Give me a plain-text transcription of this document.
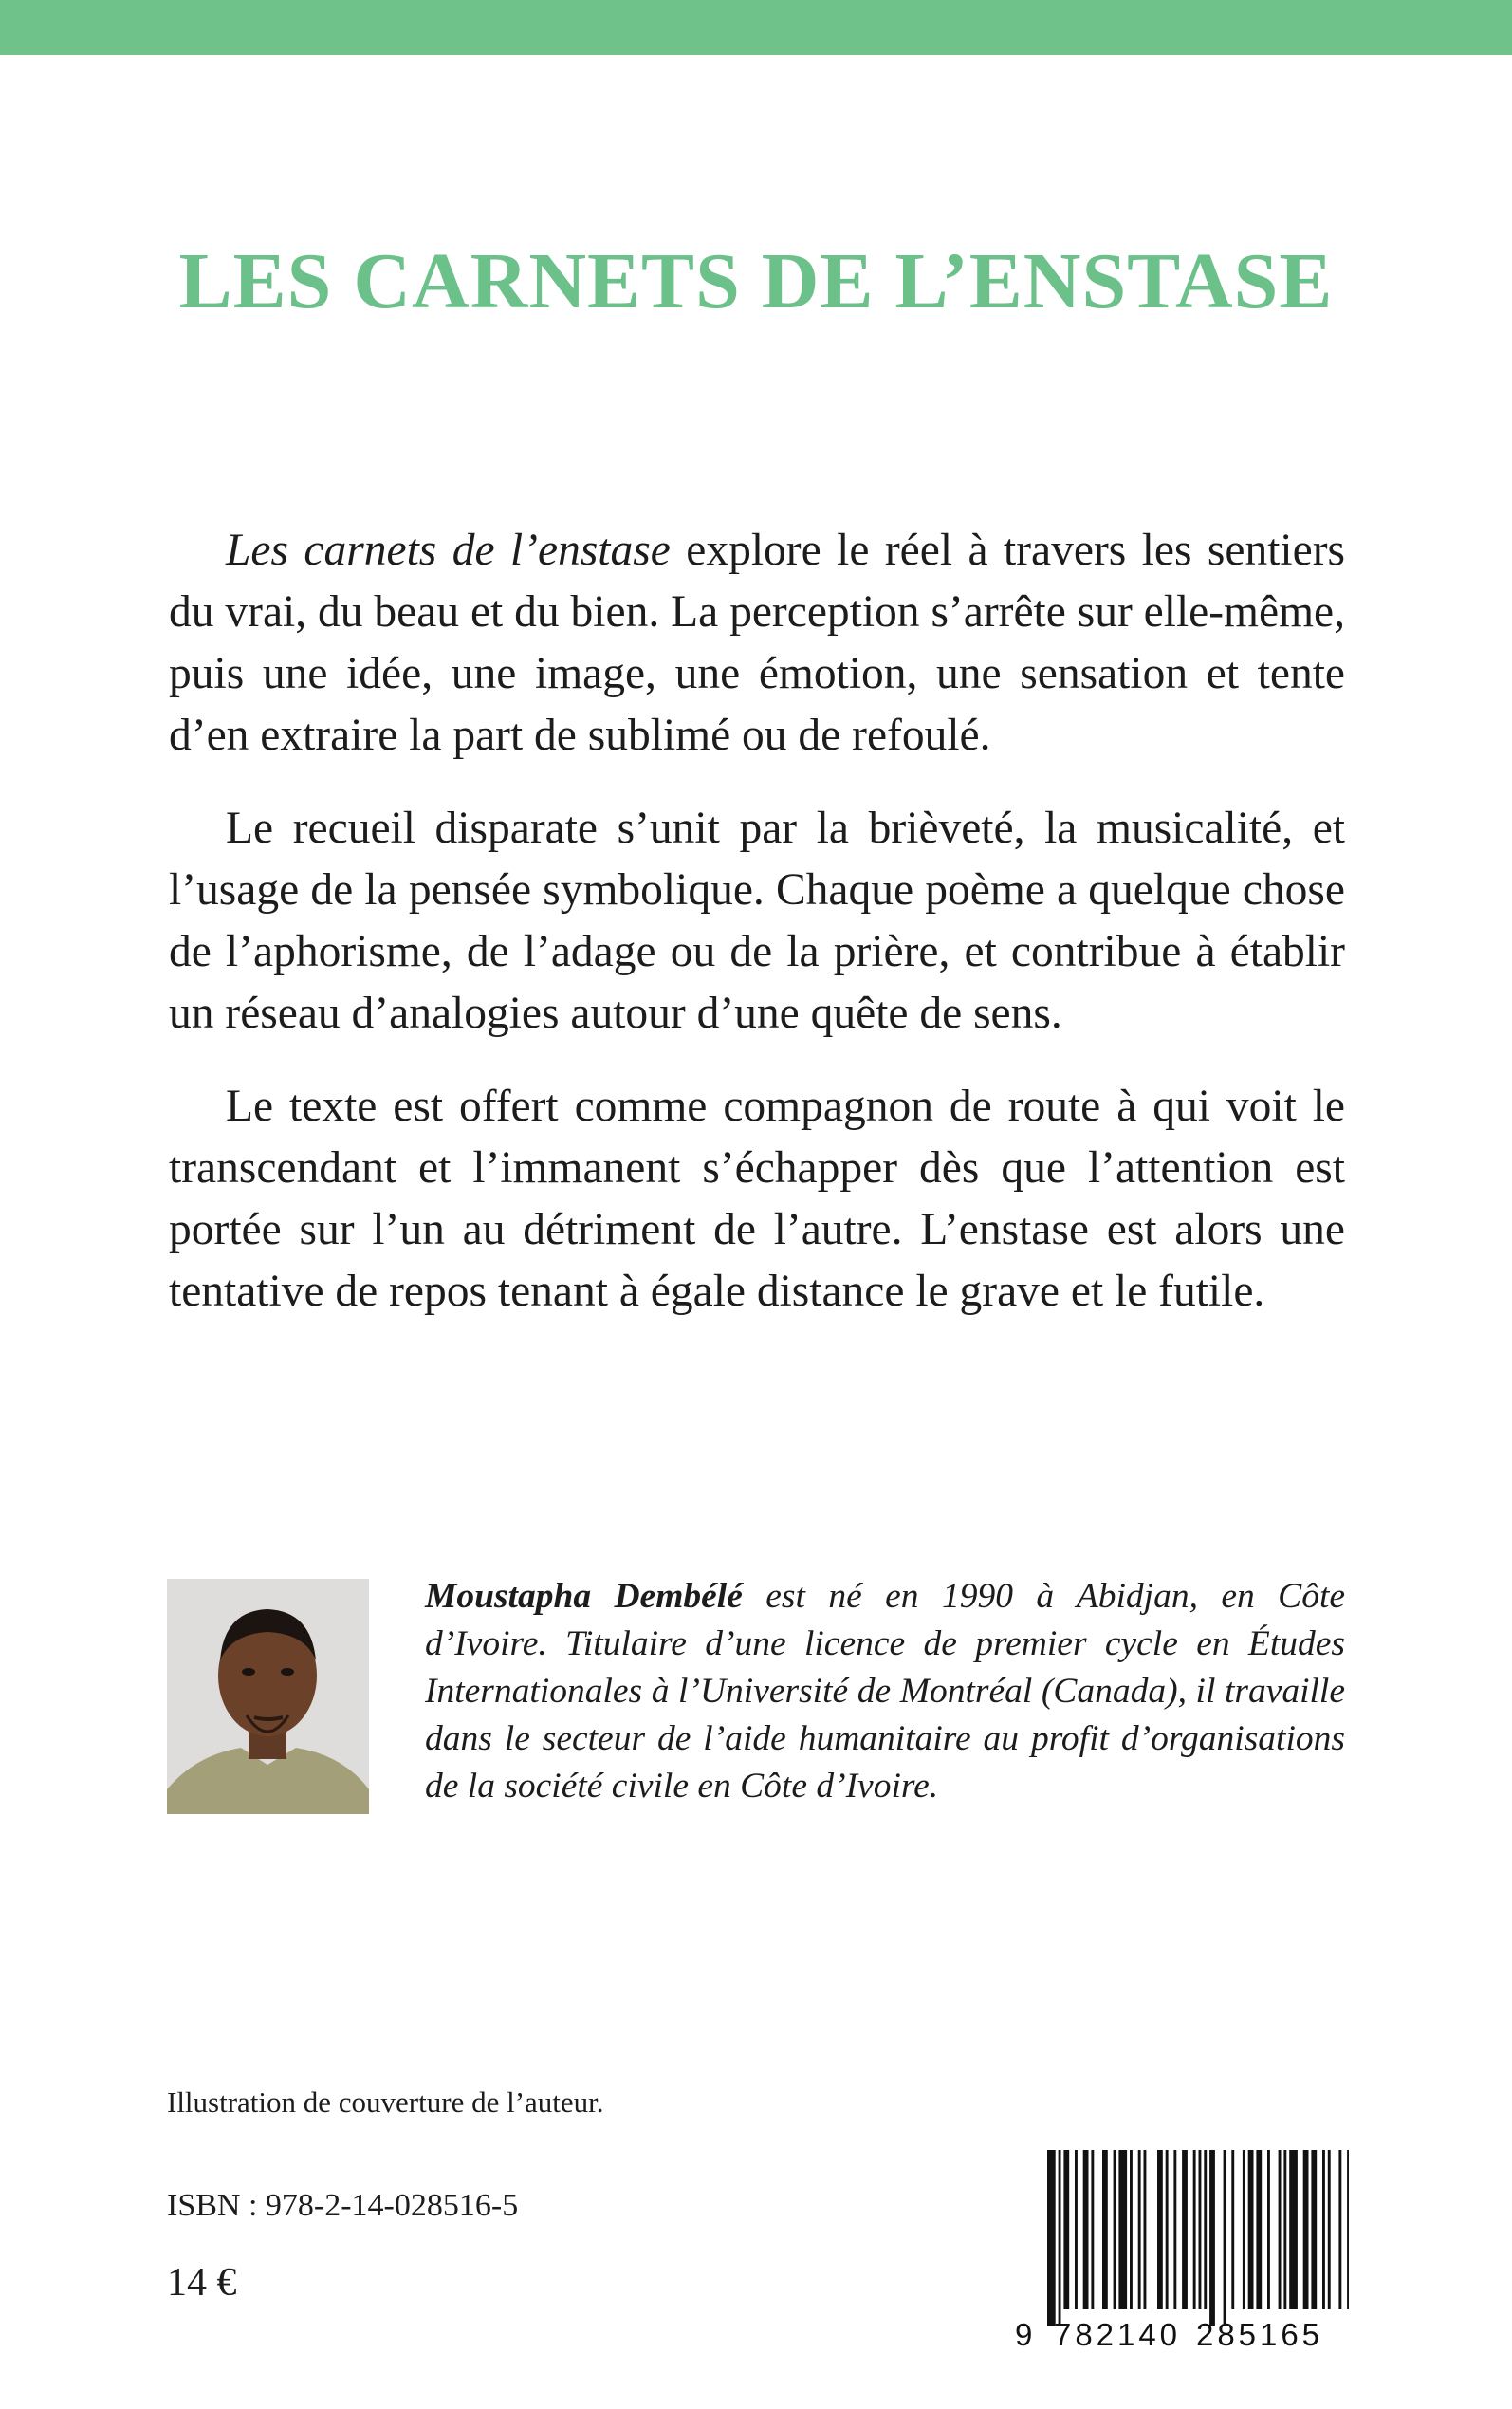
LES CARNETS DE L’ENSTASE

Les carnets de l’enstase explore le réel à travers les sentiers du vrai, du beau et du bien. La perception s’arrête sur elle-même, puis une idée, une image, une émotion, une sensation et tente d’en extraire la part de sublimé ou de refoulé.

Le recueil disparate s’unit par la brièveté, la musicalité, et l’usage de la pensée symbolique. Chaque poème a quelque chose de l’aphorisme, de l’adage ou de la prière, et contribue à établir un réseau d’analogies autour d’une quête de sens.

Le texte est offert comme compagnon de route à qui voit le transcendant et l’immanent s’échapper dès que l’attention est portée sur l’un au détriment de l’autre. L’enstase est alors une tentative de repos tenant à égale distance le grave et le futile.

Moustapha Dembélé est né en 1990 à Abidjan, en Côte d’Ivoire. Titulaire d’une licence de premier cycle en Études Internationales à l’Université de Montréal (Canada), il travaille dans le secteur de l’aide humanitaire au profit d’organisations de la société civile en Côte d’Ivoire.

Illustration de couverture de l’auteur.

ISBN : 978-2-14-028516-5

14 €

9 782140 285165
